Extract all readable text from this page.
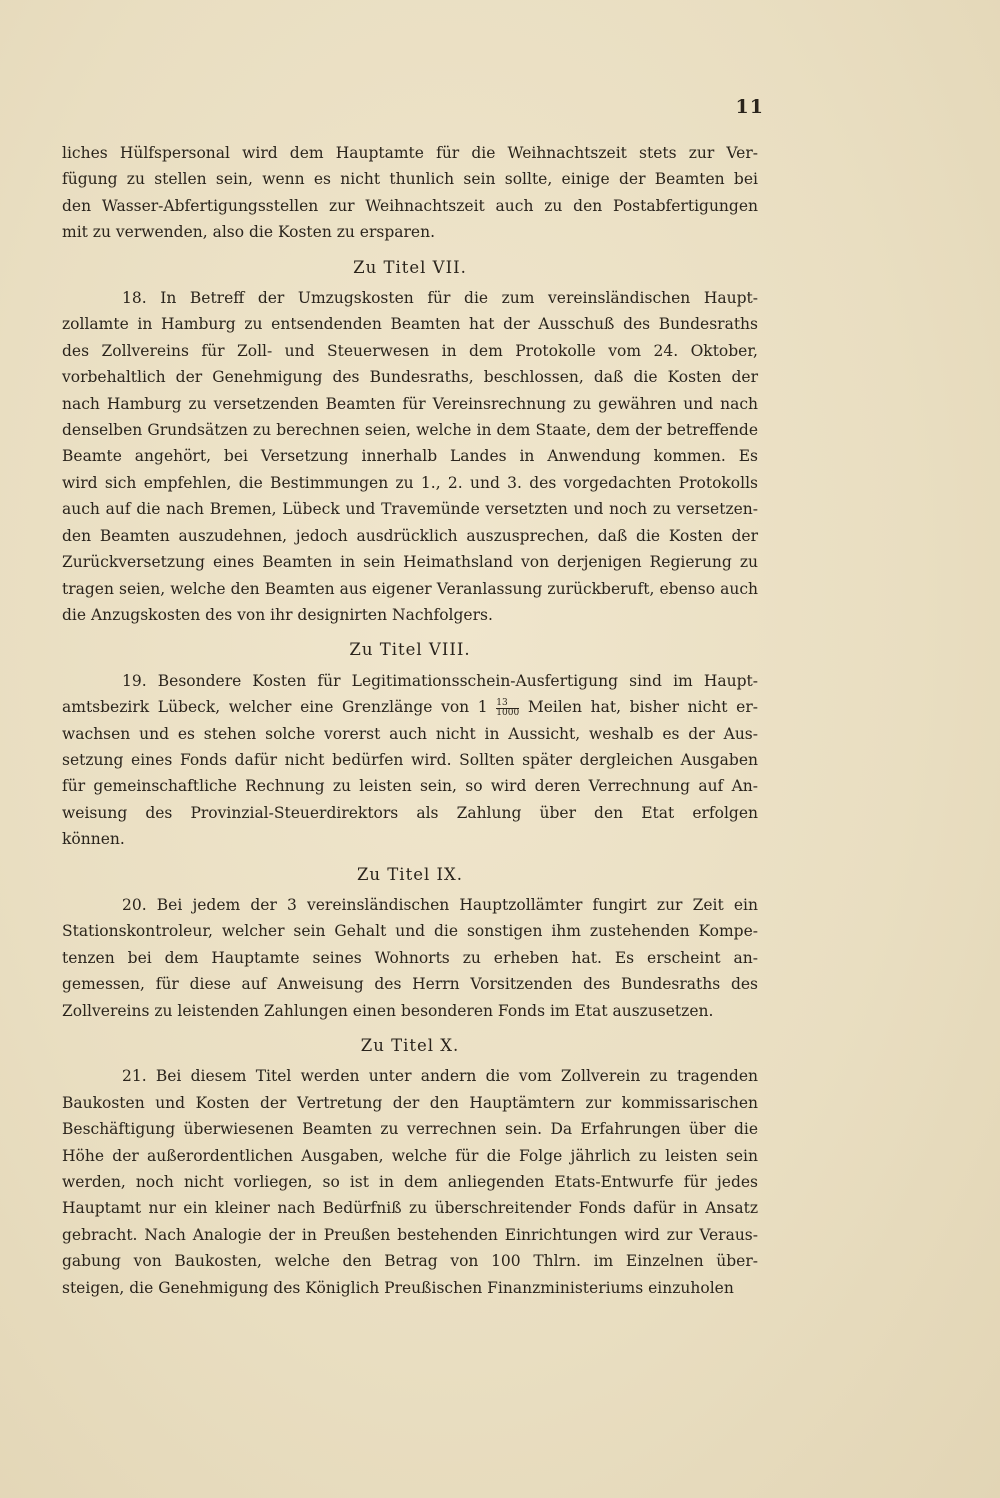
11
liches Hülfspersonal wird dem Hauptamte für die Weihnachtszeit stets zur Ver-
fügung zu stellen sein, wenn es nicht thunlich sein sollte, einige der Beamten bei
den Wasser-Abfertigungsstellen zur Weihnachtszeit auch zu den Postabfertigungen
mit zu verwenden, also die Kosten zu ersparen.
Zu Titel VII.
18. In Betreff der Umzugskosten für die zum vereinsländischen Haupt-
zollamte in Hamburg zu entsendenden Beamten hat der Ausschuß des Bundesraths
des Zollvereins für Zoll- und Steuerwesen in dem Protokolle vom 24. Oktober,
vorbehaltlich der Genehmigung des Bundesraths, beschlossen, daß die Kosten der
nach Hamburg zu versetzenden Beamten für Vereinsrechnung zu gewähren und nach
denselben Grundsätzen zu berechnen seien, welche in dem Staate, dem der betreffende
Beamte angehört, bei Versetzung innerhalb Landes in Anwendung kommen. Es
wird sich empfehlen, die Bestimmungen zu 1., 2. und 3. des vorgedachten Protokolls
auch auf die nach Bremen, Lübeck und Travemünde versetzten und noch zu versetzen-
den Beamten auszudehnen, jedoch ausdrücklich auszusprechen, daß die Kosten der
Zurückversetzung eines Beamten in sein Heimathsland von derjenigen Regierung zu
tragen seien, welche den Beamten aus eigener Veranlassung zurückberuft, ebenso auch
die Anzugskosten des von ihr designirten Nachfolgers.
Zu Titel VIII.
19. Besondere Kosten für Legitimationsschein-Ausfertigung sind im Haupt-
amtsbezirk Lübeck, welcher eine Grenzlänge von $1 \frac{13}{1000}$ Meilen hat, bisher nicht er-
wachsen und es stehen solche vorerst auch nicht in Aussicht, weshalb es der Aus-
setzung eines Fonds dafür nicht bedürfen wird. Sollten später dergleichen Ausgaben
für gemeinschaftliche Rechnung zu leisten sein, so wird deren Verrechnung auf An-
weisung des Provinzial-Steuerdirektors als Zahlung über den Etat erfolgen
können.
Zu Titel IX.
20. Bei jedem der 3 vereinsländischen Hauptzollämter fungirt zur Zeit ein
Stationskontroleur, welcher sein Gehalt und die sonstigen ihm zustehenden Kompe-
tenzen bei dem Hauptamte seines Wohnorts zu erheben hat. Es erscheint an-
gemessen, für diese auf Anweisung des Herrn Vorsitzenden des Bundesraths des
Zollvereins zu leistenden Zahlungen einen besonderen Fonds im Etat auszusetzen.
Zu Titel X.
21. Bei diesem Titel werden unter andern die vom Zollverein zu tragenden
Baukosten und Kosten der Vertretung der den Hauptämtern zur kommissarischen
Beschäftigung überwiesenen Beamten zu verrechnen sein. Da Erfahrungen über die
Höhe der außerordentlichen Ausgaben, welche für die Folge jährlich zu leisten sein
werden, noch nicht vorliegen, so ist in dem anliegenden Etats-Entwurfe für jedes
Hauptamt nur ein kleiner nach Bedürfniß zu überschreitender Fonds dafür in Ansatz
gebracht. Nach Analogie der in Preußen bestehenden Einrichtungen wird zur Veraus-
gabung von Baukosten, welche den Betrag von 100 Thlrn. im Einzelnen über-
steigen, die Genehmigung des Königlich Preußischen Finanzministeriums einzuholen
